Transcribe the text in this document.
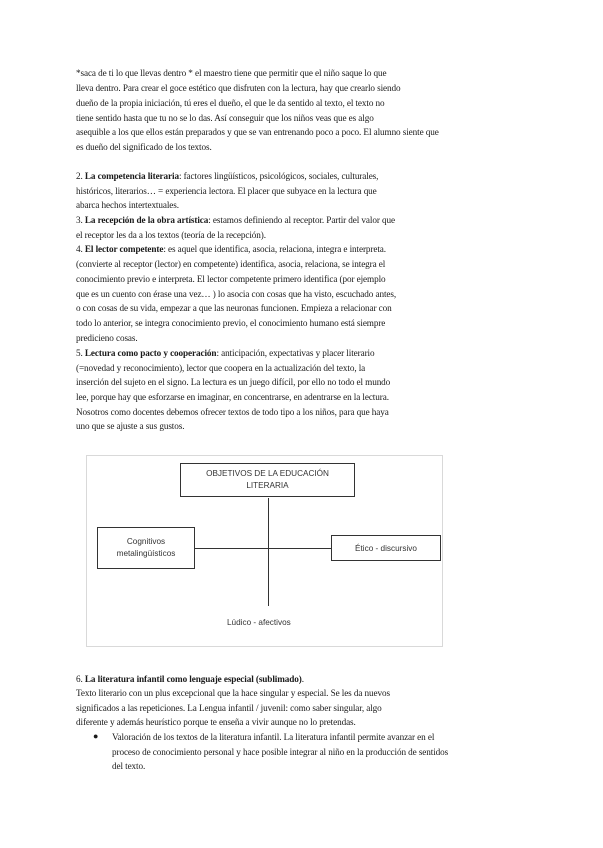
*saca de ti lo que llevas dentro * el maestro tiene que permitir que el niño saque lo que
lleva dentro. Para crear el goce estético que disfruten con la lectura, hay que crearlo siendo
dueño de la propia iniciación, tú eres el dueño, el que le da sentido al texto, el texto no
tiene sentido hasta que tu no se lo das. Así conseguir que los niños veas que es algo
asequible a los que ellos están preparados y que se van entrenando poco a poco. El alumno siente que
es dueño del significado de los textos.
2. La competencia literaria: factores lingüísticos, psicológicos, sociales, culturales,
históricos, literarios… = experiencia lectora. El placer que subyace en la lectura que
abarca hechos intertextuales.
3. La recepción de la obra artística: estamos definiendo al receptor. Partir del valor que
el receptor les da a los textos (teoría de la recepción).
4. El lector competente: es aquel que identifica, asocia, relaciona, integra e interpreta.
(convierte al receptor (lector) en competente) identifica, asocia, relaciona, se integra el
conocimiento previo e interpreta. El lector competente primero identifica (por ejemplo
que es un cuento con érase una vez… ) lo asocia con cosas que ha visto, escuchado antes,
o con cosas de su vida, empezar a que las neuronas funcionen. Empieza a relacionar con
todo lo anterior, se integra conocimiento previo, el conocimiento humano está siempre
predicieno cosas.
5. Lectura como pacto y cooperación: anticipación, expectativas y placer literario
(=novedad y reconocimiento), lector que coopera en la actualización del texto, la
inserción del sujeto en el signo. La lectura es un juego difícil, por ello no todo el mundo
lee, porque hay que esforzarse en imaginar, en concentrarse, en adentrarse en la lectura.
Nosotros como docentes debemos ofrecer textos de todo tipo a los niños, para que haya
uno que se ajuste a sus gustos.
OBJETIVOS DE LA EDUCACIÓN
LITERARIA
Cognitivos
metalingüísticos
Ético - discursivo
Lúdico - afectivos
6. La literatura infantil como lenguaje especial (sublimado).
Texto literario con un plus excepcional que la hace singular y especial. Se les da nuevos
significados a las repeticiones. La Lengua infantil / juvenil: como saber singular, algo
diferente y además heurístico porque te enseña a vivir aunque no lo pretendas.
● Valoración de los textos de la literatura infantil. La literatura infantil permite avanzar en el
proceso de conocimiento personal y hace posible integrar al niño en la producción de sentidos
del texto.
